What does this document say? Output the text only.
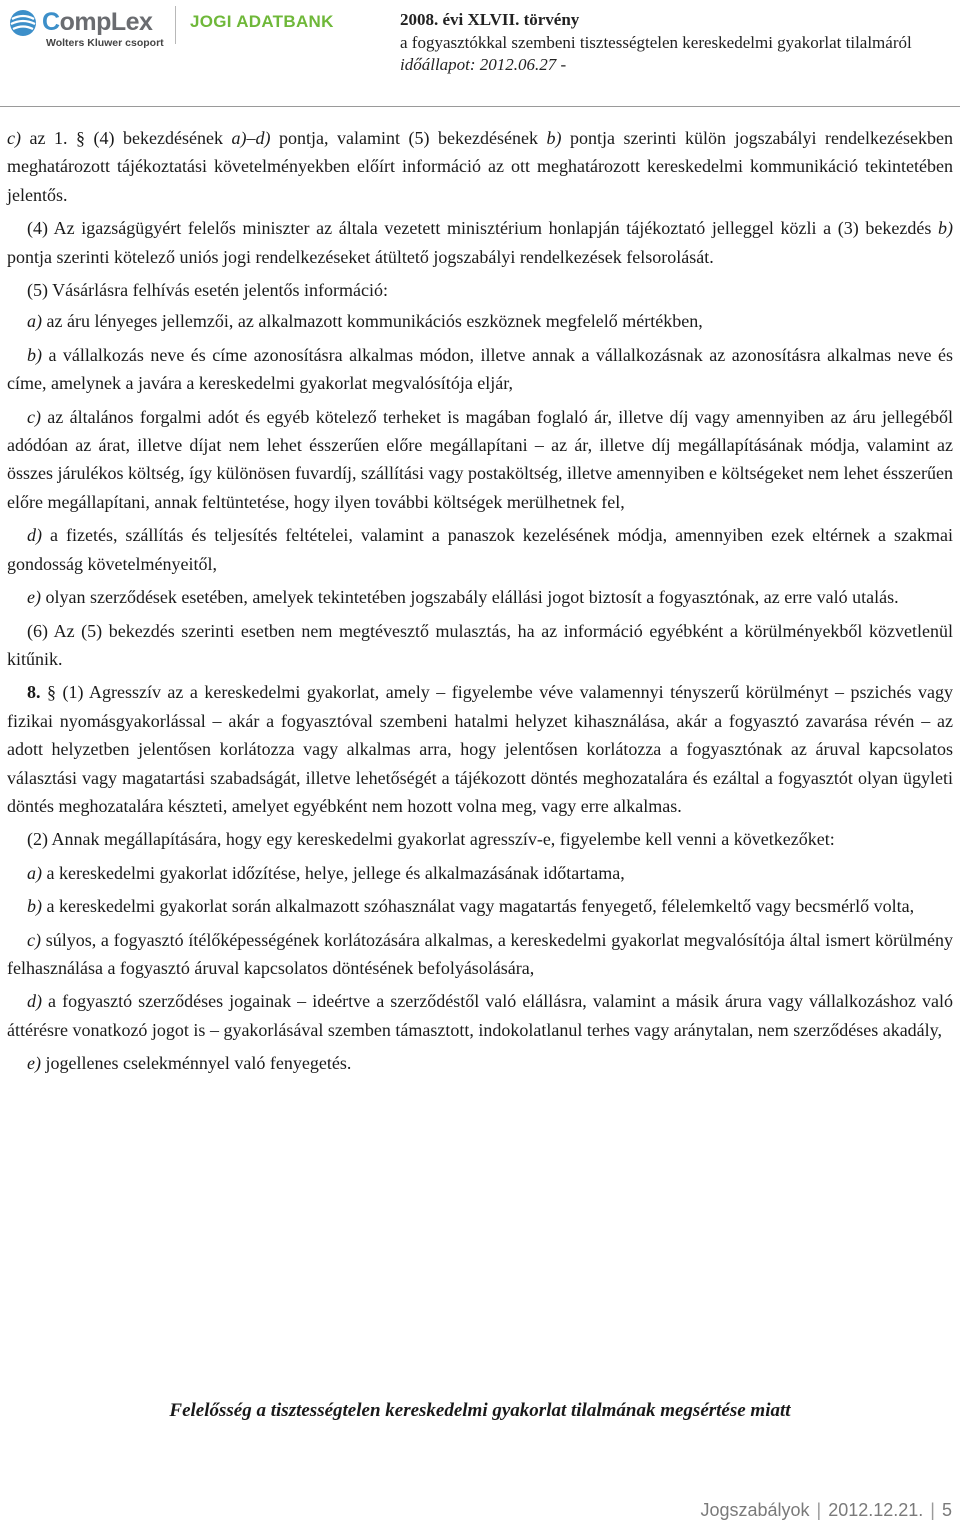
CompLex
Wolters Kluwer csoport
JOGI ADATBANK	2008. évi XLVII. törvény
a fogyasztókkal szembeni tisztességtelen kereskedelmi gyakorlat tilalmáról
időállapot: 2012.06.27 -

c) az 1. § (4) bekezdésének a)–d) pontja, valamint (5) bekezdésének b) pontja szerinti külön jogszabályi rendelkezésekben meghatározott tájékoztatási követelményekben előírt információ az ott meghatározott kereskedelmi kommunikáció tekintetében jelentős.

(4) Az igazságügyért felelős miniszter az általa vezetett minisztérium honlapján tájékoztató jelleggel közli a (3) bekezdés b) pontja szerinti kötelező uniós jogi rendelkezéseket átültető jogszabályi rendelkezések felsorolását.

(5) Vásárlásra felhívás esetén jelentős információ:

a) az áru lényeges jellemzői, az alkalmazott kommunikációs eszköznek megfelelő mértékben,

b) a vállalkozás neve és címe azonosításra alkalmas módon, illetve annak a vállalkozásnak az azonosításra alkalmas neve és címe, amelynek a javára a kereskedelmi gyakorlat megvalósítója eljár,

c) az általános forgalmi adót és egyéb kötelező terheket is magában foglaló ár, illetve díj vagy amennyiben az áru jellegéből adódóan az árat, illetve díjat nem lehet ésszerűen előre megállapítani – az ár, illetve díj megállapításának módja, valamint az összes járulékos költség, így különösen fuvardíj, szállítási vagy postaköltség, illetve amennyiben e költségeket nem lehet ésszerűen előre megállapítani, annak feltüntetése, hogy ilyen további költségek merülhetnek fel,

d) a fizetés, szállítás és teljesítés feltételei, valamint a panaszok kezelésének módja, amennyiben ezek eltérnek a szakmai gondosság követelményeitől,

e) olyan szerződések esetében, amelyek tekintetében jogszabály elállási jogot biztosít a fogyasztónak, az erre való utalás.

(6) Az (5) bekezdés szerinti esetben nem megtévesztő mulasztás, ha az információ egyébként a körülményekből közvetlenül kitűnik.

8. § (1) Agresszív az a kereskedelmi gyakorlat, amely – figyelembe véve valamennyi tényszerű körülményt – pszichés vagy fizikai nyomásgyakorlással – akár a fogyasztóval szembeni hatalmi helyzet kihasználása, akár a fogyasztó zavarása révén – az adott helyzetben jelentősen korlátozza vagy alkalmas arra, hogy jelentősen korlátozza a fogyasztónak az áruval kapcsolatos választási vagy magatartási szabadságát, illetve lehetőségét a tájékozott döntés meghozatalára és ezáltal a fogyasztót olyan ügyleti döntés meghozatalára készteti, amelyet egyébként nem hozott volna meg, vagy erre alkalmas.

(2) Annak megállapítására, hogy egy kereskedelmi gyakorlat agresszív-e, figyelembe kell venni a következőket:

a) a kereskedelmi gyakorlat időzítése, helye, jellege és alkalmazásának időtartama,

b) a kereskedelmi gyakorlat során alkalmazott szóhasználat vagy magatartás fenyegető, félelemkeltő vagy becsmérlő volta,

c) súlyos, a fogyasztó ítélőképességének korlátozására alkalmas, a kereskedelmi gyakorlat megvalósítója által ismert körülmény felhasználása a fogyasztó áruval kapcsolatos döntésének befolyásolására,

d) a fogyasztó szerződéses jogainak – ideértve a szerződéstől való elállásra, valamint a másik árura vagy vállalkozáshoz való áttérésre vonatkozó jogot is – gyakorlásával szemben támasztott, indokolatlanul terhes vagy aránytalan, nem szerződéses akadály,

e) jogellenes cselekménnyel való fenyegetés.

Felelősség a tisztességtelen kereskedelmi gyakorlat tilalmának megsértése miatt
Jogszabályok | 2012.12.21. | 5
